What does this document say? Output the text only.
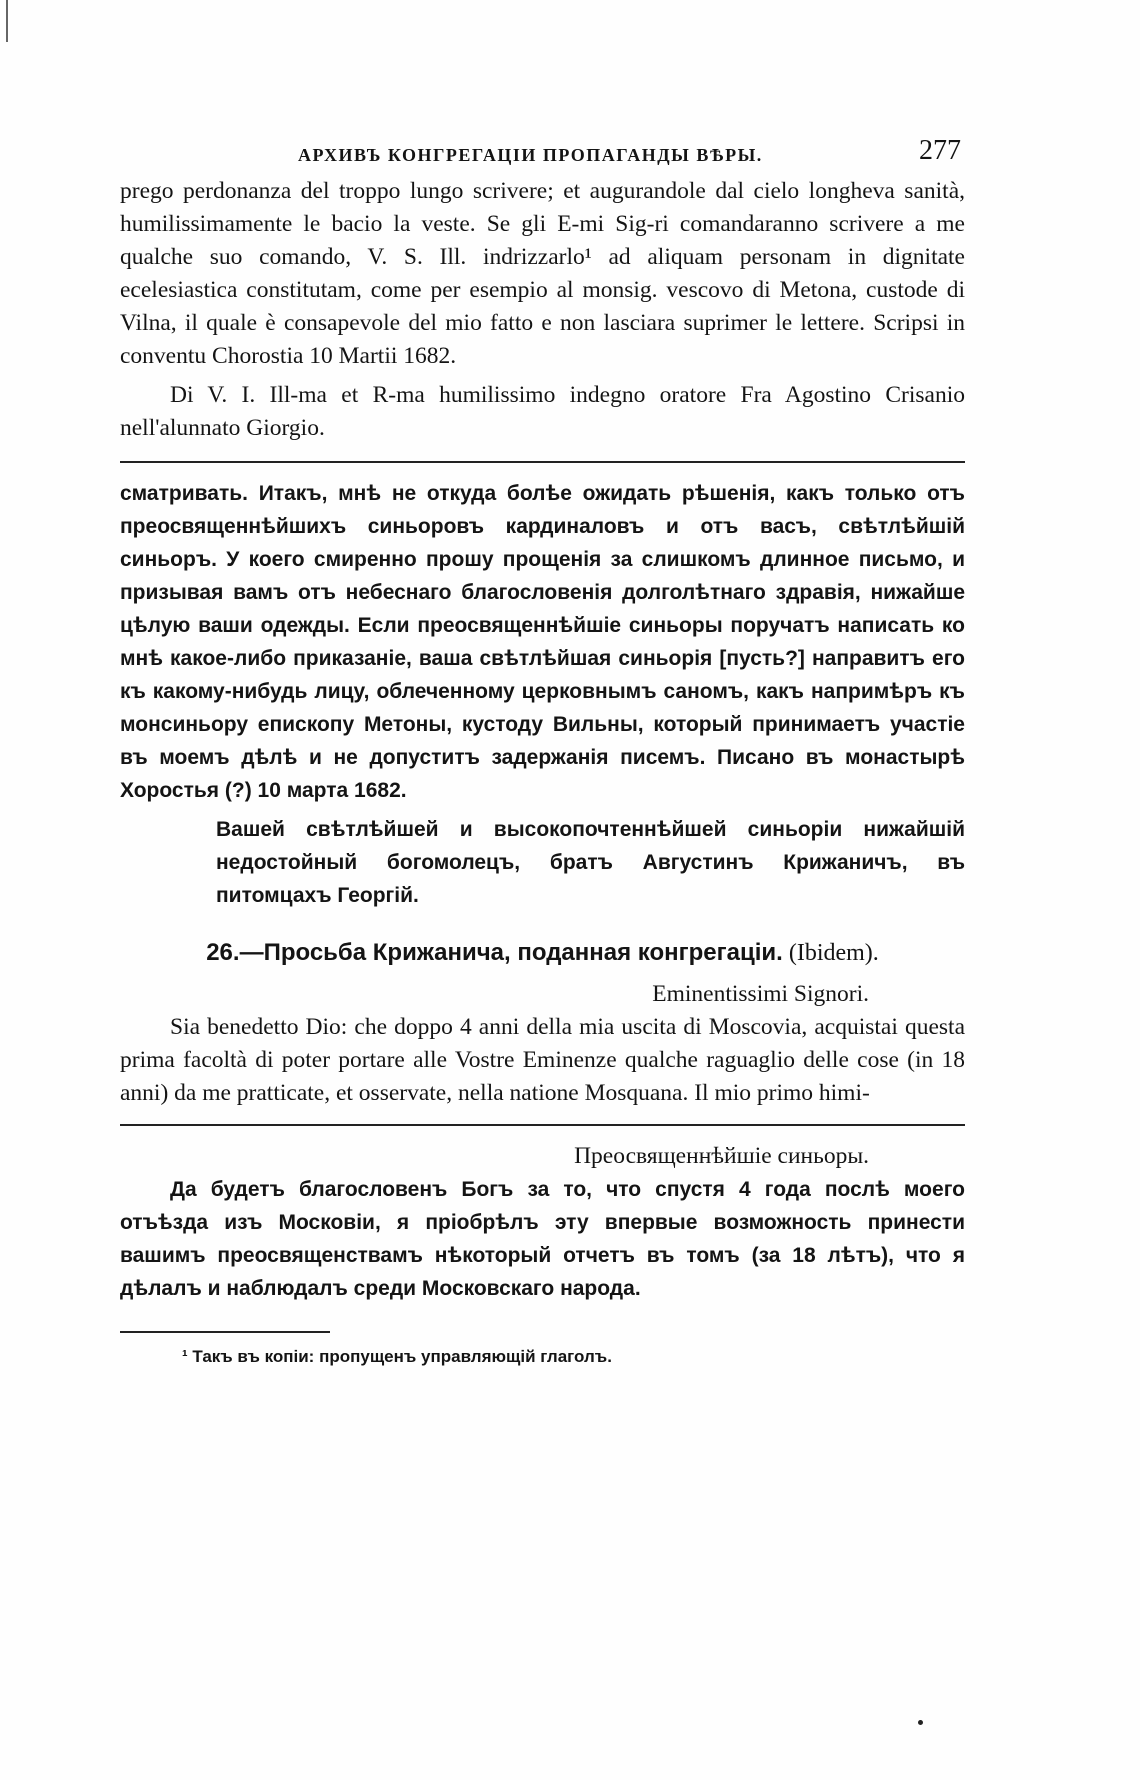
АРХИВЪ КОНГРЕГАЦІИ ПРОПАГАНДЫ ВѢРЫ.	277

prego perdonanza del troppo lungo scrivere; et augurandole dal cielo longheva sanità, humilissimamente le bacio la veste. Se gli E-mi Sig-ri comandaranno scrivere a me qualche suo comando, V. S. Ill. indrizzarlo¹ ad aliquam personam in dignitate ecelesiastica constitutam, come per esempio al monsig. vescovo di Metona, custode di Vilna, il quale è consapevole del mio fatto e non lasciara suprimer le lettere. Scripsi in conventu Chorostia 10 Martii 1682.

Di V. I. Ill-ma et R-ma humilissimo indegno oratore Fra Agostino Crisanio nell'alunnato Giorgio.

сматривать. Итакъ, мнѣ не откуда болѣе ожидать рѣшенія, какъ только отъ преосвященнѣйшихъ синьоровъ кардиналовъ и отъ васъ, свѣтлѣйшій синьоръ. У коего смиренно прошу прощенія за слишкомъ длинное письмо, и призывая вамъ отъ небеснаго благословенія долголѣтнаго здравія, нижайше цѣлую ваши одежды. Если преосвященнѣйшіе синьоры поручатъ написать ко мнѣ какое-либо приказаніе, ваша свѣтлѣйшая синьорія [пусть?] направитъ его къ какому-нибудь лицу, облеченному церковнымъ саномъ, какъ напримѣръ къ монсиньору епископу Метоны, кустоду Вильны, который принимаетъ участіе въ моемъ дѣлѣ и не допуститъ задержанія писемъ. Писано въ монастырѣ Хоростья (?) 10 марта 1682.

Вашей свѣтлѣйшей и высокопочтеннѣйшей синьоріи нижайшій недостойный богомолецъ, братъ Августинъ Крижаничъ, въ питомцахъ Георгій.

26.—Просьба Крижанича, поданная конгрегаціи. (Ibidem).

Eminentissimi Signori.

Sia benedetto Dio: che doppo 4 anni della mia uscita di Moscovia, acquistai questa prima facoltà di poter portare alle Vostre Eminenze qualche raguaglio delle cose (in 18 anni) da me pratticate, et osservate, nella natione Mosquana. Il mio primo himi-

Преосвященнѣйшіе синьоры.

Да будетъ благословенъ Богъ за то, что спустя 4 года послѣ моего отъѣзда изъ Московіи, я пріобрѣлъ эту впервые возможность принести вашимъ преосвященствамъ нѣкоторый отчетъ въ томъ (за 18 лѣтъ), что я дѣлалъ и наблюдалъ среди Московскаго народа.

¹ Такъ въ копіи: пропущенъ управляющій глаголъ.
